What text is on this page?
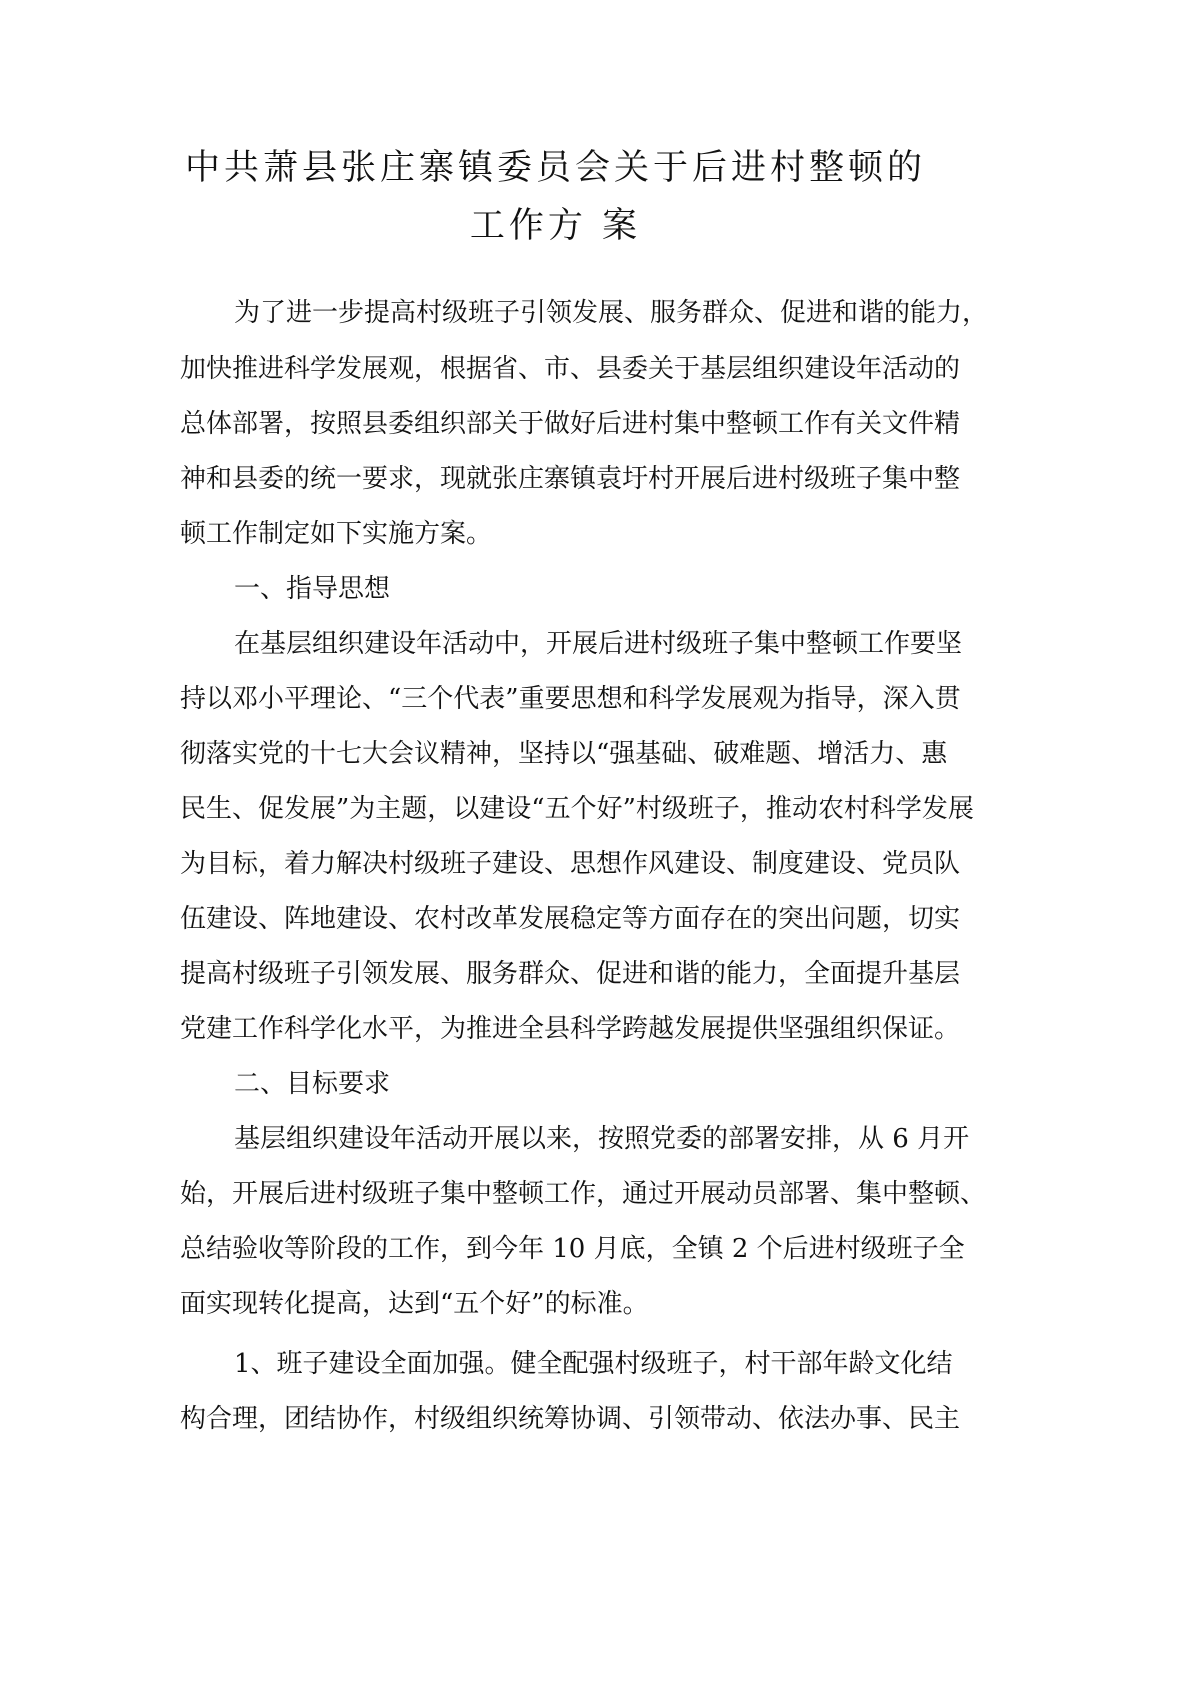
中共萧县张庄寨镇委员会关于后进村整顿的
工作方 案

为了进一步提高村级班子引领发展、服务群众、促进和谐的能力，

加快推进科学发展观，根据省、市、县委关于基层组织建设年活动的

总体部署，按照县委组织部关于做好后进村集中整顿工作有关文件精

神和县委的统一要求，现就张庄寨镇袁圩村开展后进村级班子集中整

顿工作制定如下实施方案。

一、指导思想

在基层组织建设年活动中，开展后进村级班子集中整顿工作要坚

持以邓小平理论、“三个代表”重要思想和科学发展观为指导，深入贯

彻落实党的十七大会议精神，坚持以“强基础、破难题、增活力、惠

民生、促发展”为主题，以建设“五个好”村级班子，推动农村科学发展

为目标，着力解决村级班子建设、思想作风建设、制度建设、党员队

伍建设、阵地建设、农村改革发展稳定等方面存在的突出问题，切实

提高村级班子引领发展、服务群众、促进和谐的能力，全面提升基层

党建工作科学化水平，为推进全县科学跨越发展提供坚强组织保证。

二、目标要求

基层组织建设年活动开展以来，按照党委的部署安排，从 6 月开

始，开展后进村级班子集中整顿工作，通过开展动员部署、集中整顿、

总结验收等阶段的工作，到今年 10 月底，全镇 2 个后进村级班子全

面实现转化提高，达到“五个好”的标准。

1、班子建设全面加强。健全配强村级班子，村干部年龄文化结

构合理，团结协作，村级组织统筹协调、引领带动、依法办事、民主
